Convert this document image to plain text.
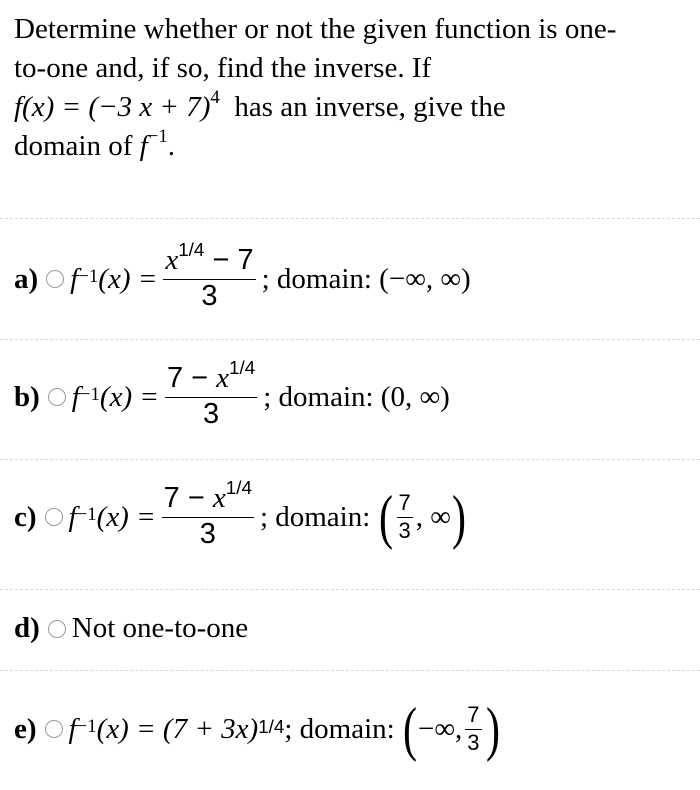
Determine whether or not the given function is one-
to-one and, if so, find the inverse. If
f(x) = (−3 x + 7)$^4$ has an inverse, give the
domain of $f^{-1}$.
a) $f^{-1}$ $(x) = \frac{x^{1/4} - 7}{3}$ ; domain: (−∞, ∞)
b) $f^{-1}$ $(x) = \frac{7 - x^{1/4}}{3}$ ; domain: (0, ∞)
c) $f^{-1}$ $(x) = \frac{7 - x^{1/4}}{3}$ ; domain:
( $\frac{7}{3}$ , ∞ )
d) Not one-to-one
e) $f^{-1}$ $(x) = (7 + 3x)^{1/4}$ ; domain:
( −∞, $\frac{7}{3}$ )
